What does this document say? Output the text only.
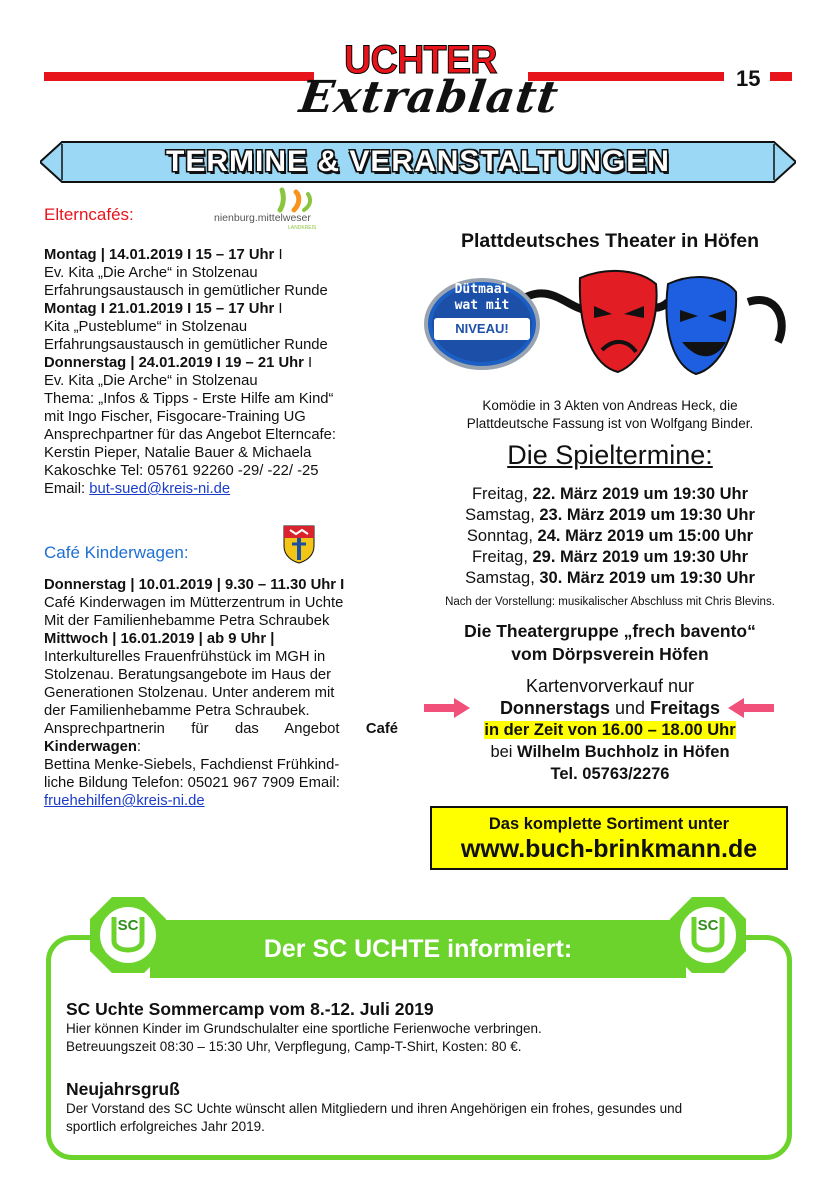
UCHTER
Extrablatt	15
TERMINE & VERANSTALTUNGEN
Elterncafés:	nienburg.mittelweser
LANDKREIS

Montag | 14.01.2019 I 15 – 17 Uhr I

Ev. Kita „Die Arche“ in Stolzenau

Erfahrungsaustausch in gemütlicher Runde

Montag I 21.01.2019 I 15 – 17 Uhr I

Kita „Pusteblume“ in Stolzenau

Erfahrungsaustausch in gemütlicher Runde

Donnerstag | 24.01.2019 I 19 – 21 Uhr I

Ev. Kita „Die Arche“ in Stolzenau

Thema: „Infos & Tipps - Erste Hilfe am Kind“

mit Ingo Fischer, Fisgocare-Training UG

Ansprechpartner für das Angebot Elterncafe:

Kerstin Pieper, Natalie Bauer & Michaela

Kakoschke Tel: 05761 92260 -29/ -22/ -25

Email: but-sued@kreis-ni.de

Café Kinderwagen:

Donnerstag | 10.01.2019 | 9.30 – 11.30 Uhr I

Café Kinderwagen im Mütterzentrum in Uchte

Mit der Familienhebamme Petra Schraubek

Mittwoch | 16.01.2019 | ab 9 Uhr |

Interkulturelles Frauenfrühstück im MGH in

Stolzenau. Beratungsangebote im Haus der

Generationen Stolzenau. Unter anderem mit

der Familienhebamme Petra Schraubek.

Ansprechpartnerin für das Angebot Café Kinderwagen:

Bettina Menke-Siebels, Fachdienst Frühkind-

liche Bildung Telefon: 05021 967 7909 Email:

fruehehilfen@kreis-ni.de

Plattdeutsches Theater in Höfen
Dütmaal
wat mit
NIVEAU!
Komödie in 3 Akten von Andreas Heck, die
Plattdeutsche Fassung ist von Wolfgang Binder.
Die Spieltermine:
Freitag, 22. März 2019 um 19:30 Uhr
Samstag, 23. März 2019 um 19:30 Uhr
Sonntag, 24. März 2019 um 15:00 Uhr
Freitag, 29. März 2019 um 19:30 Uhr
Samstag, 30. März 2019 um 19:30 Uhr
Nach der Vorstellung: musikalischer Abschluss mit Chris Blevins.
Die Theatergruppe „frech bavento“
vom Dörpsverein Höfen
Kartenvorverkauf nur
Donnerstags und Freitags
in der Zeit von 16.00 – 18.00 Uhr
bei Wilhelm Buchholz in Höfen
Tel. 05763/2276
Das komplette Sortiment unter
www.buch-brinkmann.de
Der SC UCHTE informiert:
SC	SC
SC Uchte Sommercamp vom 8.-12. Juli 2019
Hier können Kinder im Grundschulalter eine sportliche Ferienwoche verbringen.
Betreuungszeit 08:30 – 15:30 Uhr, Verpflegung, Camp-T-Shirt, Kosten: 80 €.
Neujahrsgruß
Der Vorstand des SC Uchte wünscht allen Mitgliedern und ihren Angehörigen ein frohes, gesundes und
sportlich erfolgreiches Jahr 2019.
